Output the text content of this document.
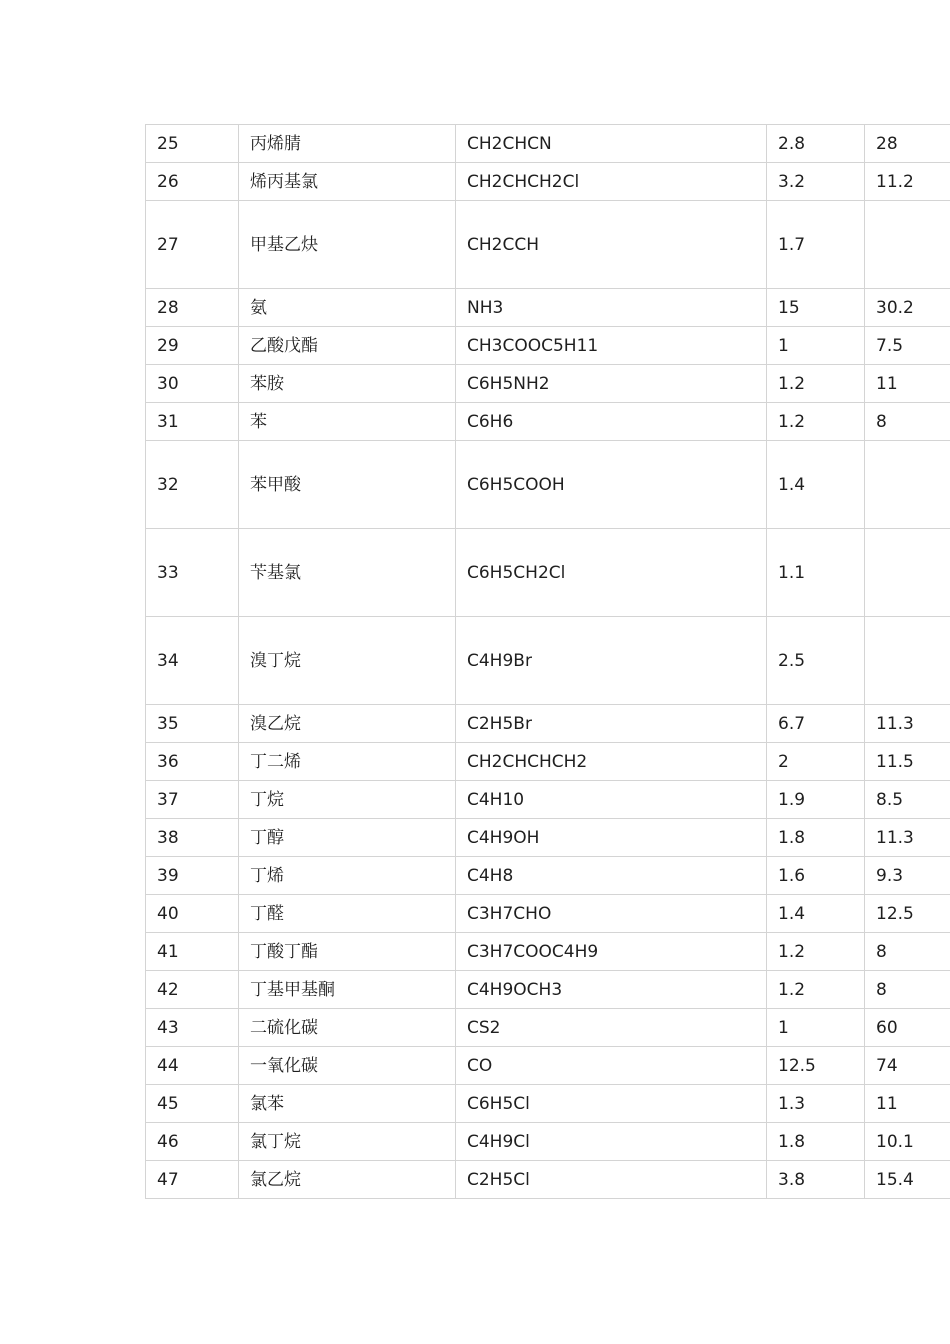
25	丙烯腈	CH2CHCN	2.8	28
26	烯丙基氯	CH2CHCH2Cl	3.2	11.2
27	甲基乙炔	CH2CCH	1.7	
28	氨	NH3	15	30.2
29	乙酸戊酯	CH3COOC5H11	1	7.5
30	苯胺	C6H5NH2	1.2	11
31	苯	C6H6	1.2	8
32	苯甲酸	C6H5COOH	1.4	
33	苄基氯	C6H5CH2Cl	1.1	
34	溴丁烷	C4H9Br	2.5	
35	溴乙烷	C2H5Br	6.7	11.3
36	丁二烯	CH2CHCHCH2	2	11.5
37	丁烷	C4H10	1.9	8.5
38	丁醇	C4H9OH	1.8	11.3
39	丁烯	C4H8	1.6	9.3
40	丁醛	C3H7CHO	1.4	12.5
41	丁酸丁酯	C3H7COOC4H9	1.2	8
42	丁基甲基酮	C4H9OCH3	1.2	8
43	二硫化碳	CS2	1	60
44	一氧化碳	CO	12.5	74
45	氯苯	C6H5Cl	1.3	11
46	氯丁烷	C4H9Cl	1.8	10.1
47	氯乙烷	C2H5Cl	3.8	15.4
